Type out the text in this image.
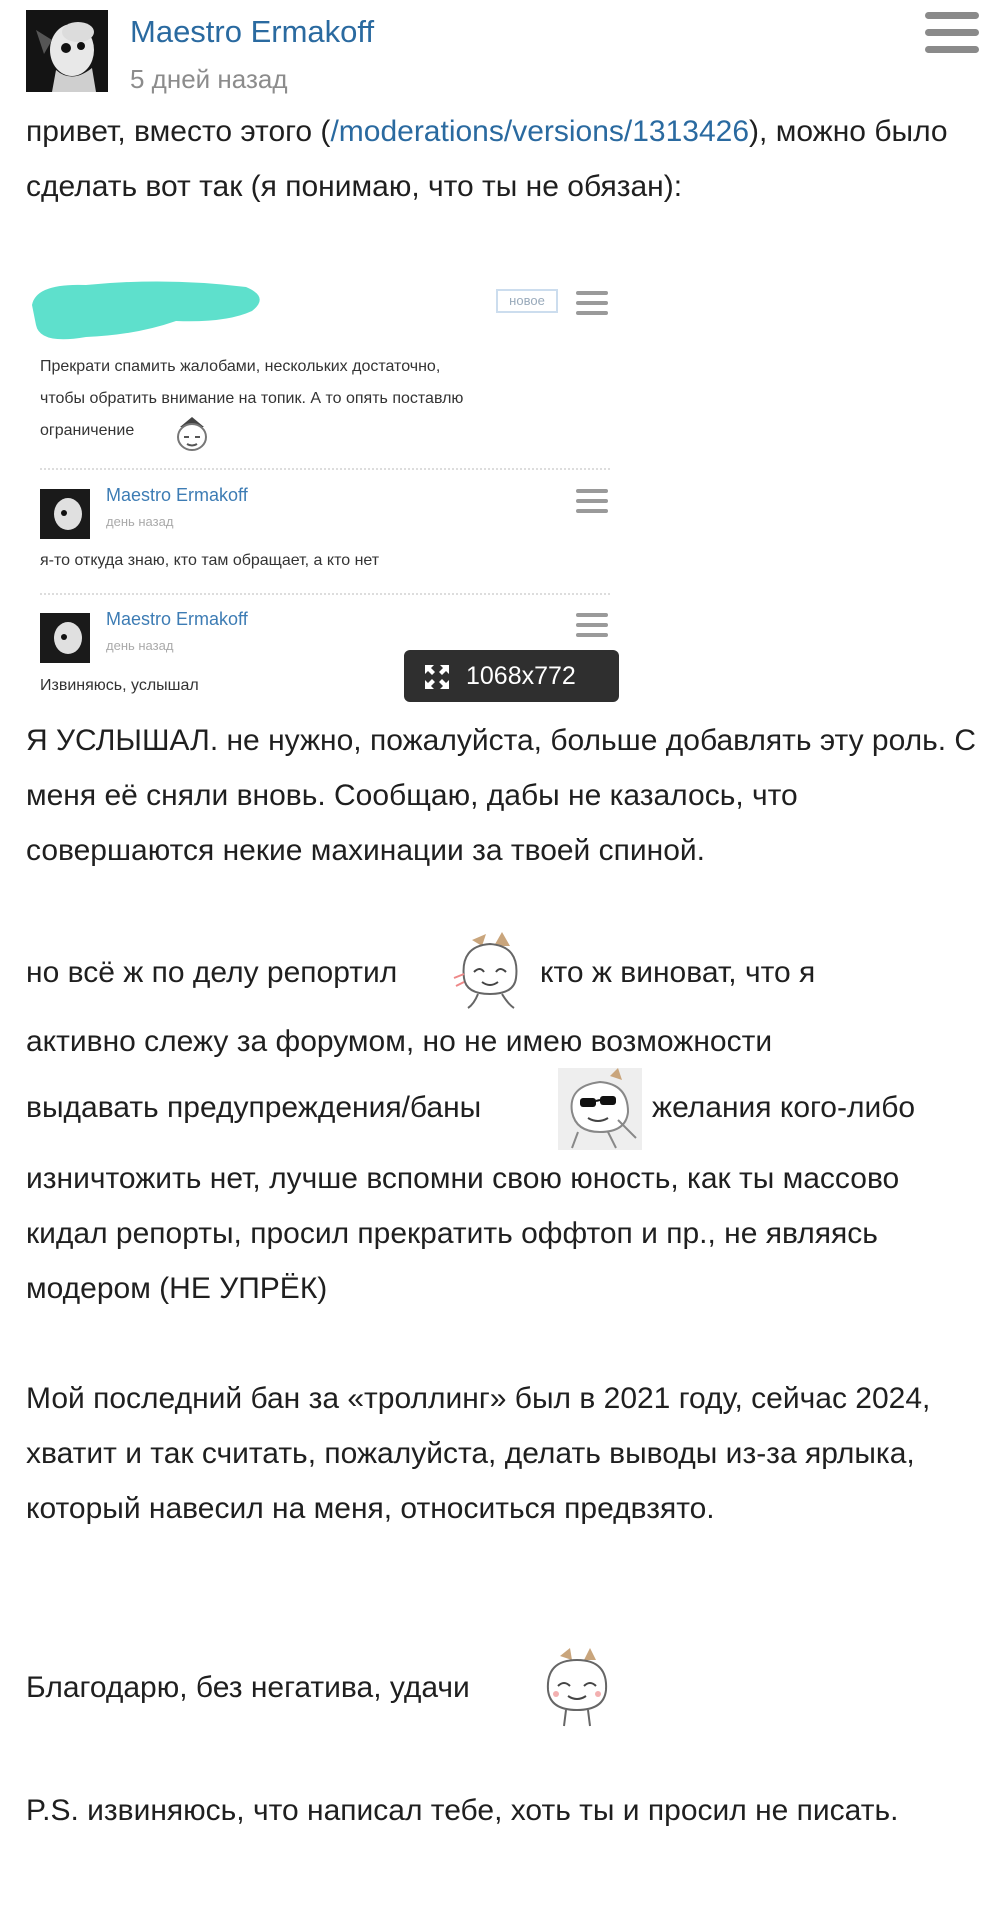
Maestro Ermakoff
5 дней назад

привет, вместо этого (/moderations/versions/1313426), можно было сделать вот так (я понимаю, что ты не обязан):

новое
Прекрати спамить жалобами, нескольких достаточно,
чтобы обратить внимание на топик. А то опять поставлю
ограничение
Maestro Ermakoff
день назад
я-то откуда знаю, кто там обращает, а кто нет
Maestro Ermakoff
день назад
Извиняюсь, услышал	1068x772

Я УСЛЫШАЛ. не нужно, пожалуйста, больше добавлять эту роль. С меня её сняли вновь. Сообщаю, дабы не казалось, что совершаются некие махинации за твоей спиной.

но всё ж по делу репортил	кто ж виноват, что я
активно слежу за форумом, но не имею возможности
выдавать предупреждения/баны	желания кого-либо

изничтожить нет, лучше вспомни свою юность, как ты массово кидал репорты, просил прекратить оффтоп и пр., не являясь модером (НЕ УПРЁК)

Мой последний бан за «троллинг» был в 2021 году, сейчас 2024, хватит и так считать, пожалуйста, делать выводы из-за ярлыка, который навесил на меня, относиться предвзято.

Благодарю, без негатива, удачи

P.S. извиняюсь, что написал тебе, хоть ты и просил не писать.
